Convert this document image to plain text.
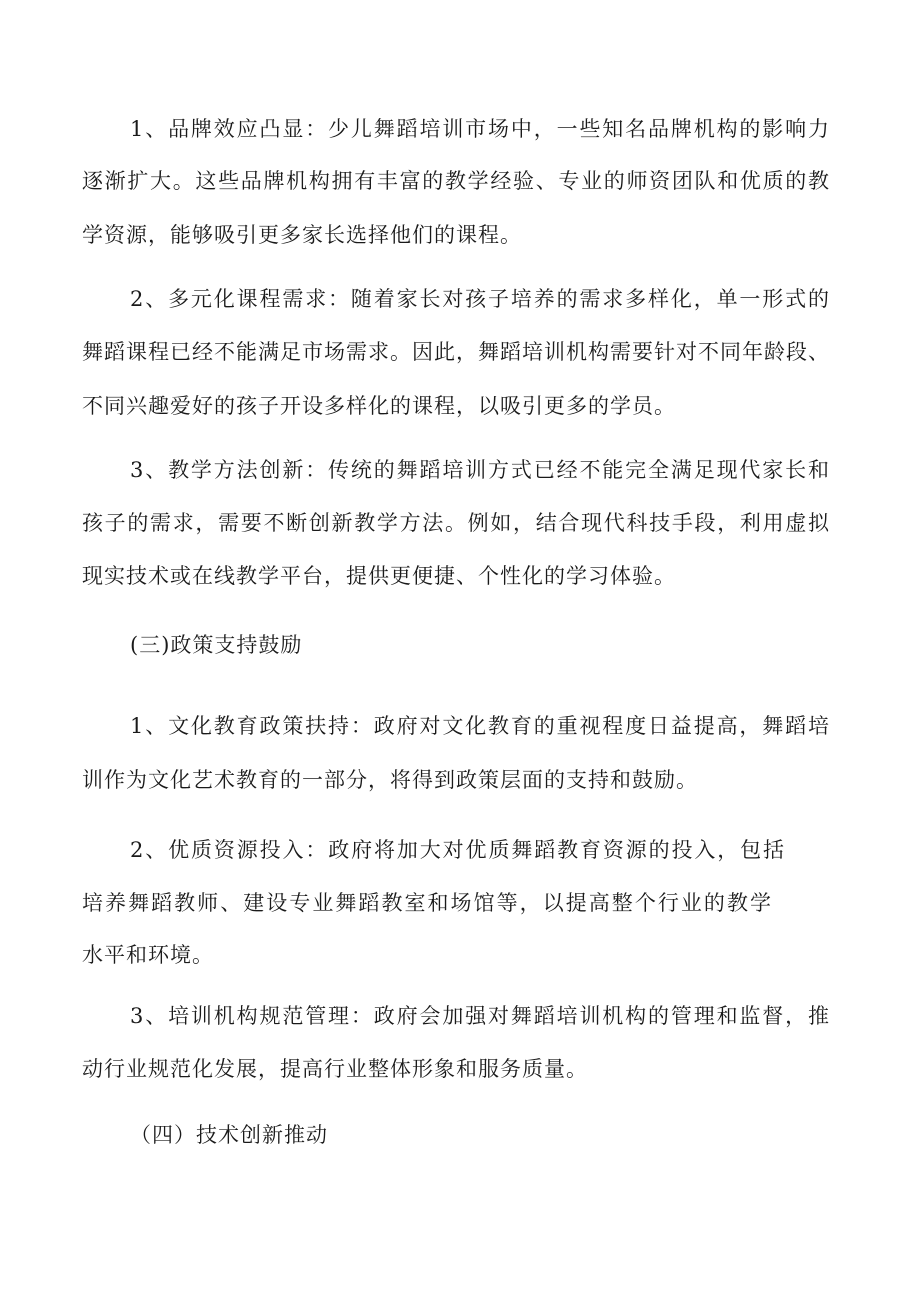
1、品牌效应凸显：少儿舞蹈培训市场中，一些知名品牌机构的影响力
逐渐扩大。这些品牌机构拥有丰富的教学经验、专业的师资团队和优质的教
学资源，能够吸引更多家长选择他们的课程。
2、多元化课程需求：随着家长对孩子培养的需求多样化，单一形式的
舞蹈课程已经不能满足市场需求。因此，舞蹈培训机构需要针对不同年龄段、
不同兴趣爱好的孩子开设多样化的课程，以吸引更多的学员。
3、教学方法创新：传统的舞蹈培训方式已经不能完全满足现代家长和
孩子的需求，需要不断创新教学方法。例如，结合现代科技手段，利用虚拟
现实技术或在线教学平台，提供更便捷、个性化的学习体验。
(三)政策支持鼓励
1、文化教育政策扶持：政府对文化教育的重视程度日益提高，舞蹈培
训作为文化艺术教育的一部分，将得到政策层面的支持和鼓励。
2、优质资源投入：政府将加大对优质舞蹈教育资源的投入，包括
培养舞蹈教师、建设专业舞蹈教室和场馆等，以提高整个行业的教学
水平和环境。
3、培训机构规范管理：政府会加强对舞蹈培训机构的管理和监督，推
动行业规范化发展，提高行业整体形象和服务质量。
（四）技术创新推动
